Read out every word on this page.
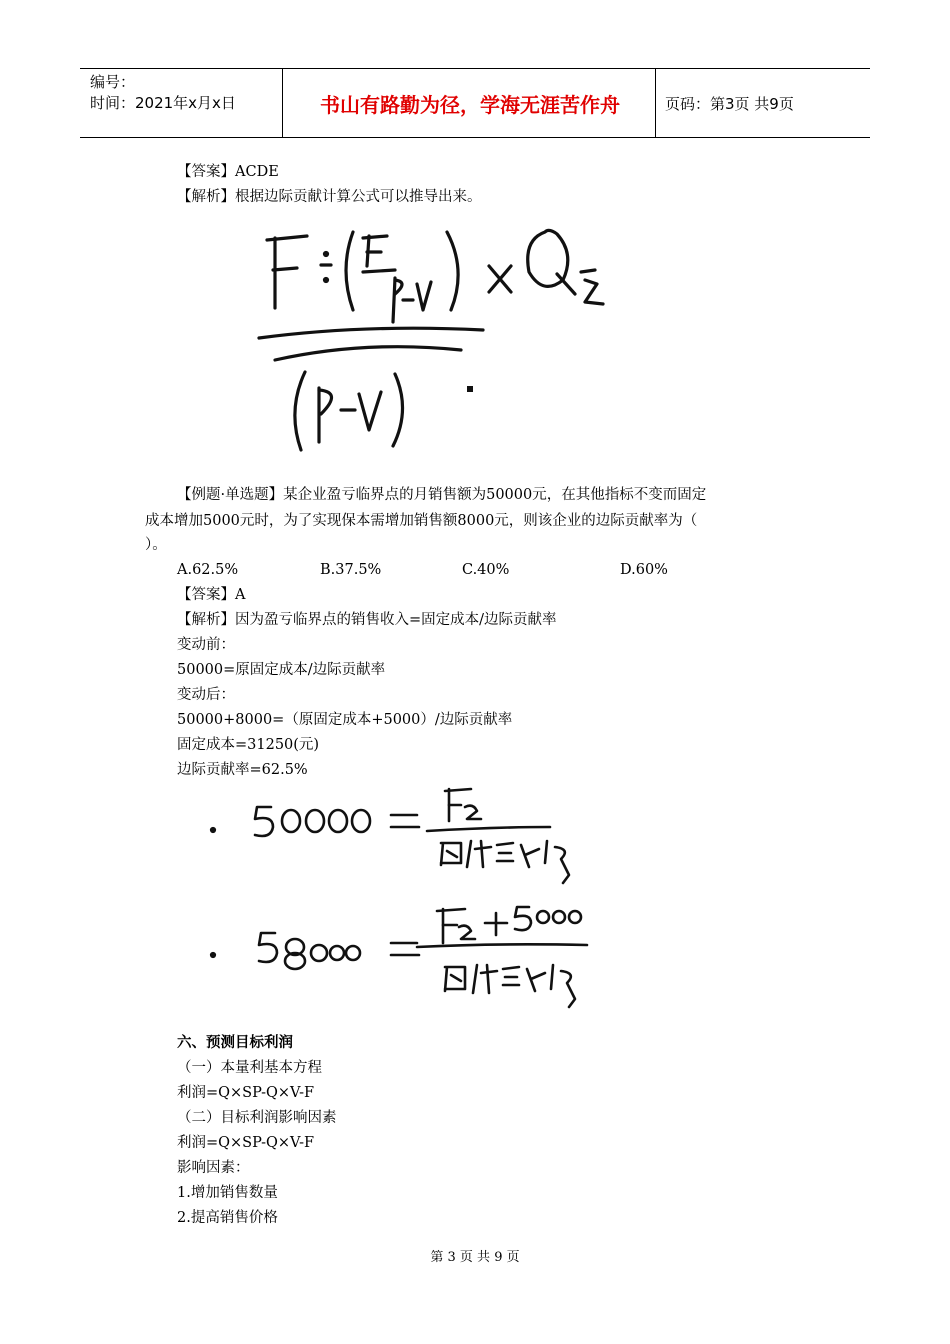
编号：
时间：2021年x月x日	书山有路勤为径，学海无涯苦作舟	页码：第3页 共9页
【答案】ACDE
【解析】根据边际贡献计算公式可以推导出来。
【例题·单选题】某企业盈亏临界点的月销售额为50000元，在其他指标不变而固定
成本增加5000元时，为了实现保本需增加销售额8000元，则该企业的边际贡献率为（
）。
A.62.5%	B.37.5%	C.40%	D.60%
【答案】A
【解析】因为盈亏临界点的销售收入=固定成本/边际贡献率
变动前：
50000=原固定成本/边际贡献率
变动后：
50000+8000=（原固定成本+5000）/边际贡献率
固定成本=31250(元)
边际贡献率=62.5%
六、预测目标利润
（一）本量利基本方程
利润=Q×SP-Q×V-F
（二）目标利润影响因素
利润=Q×SP-Q×V-F
影响因素：
1.增加销售数量
2.提高销售价格
第 3 页 共 9 页
